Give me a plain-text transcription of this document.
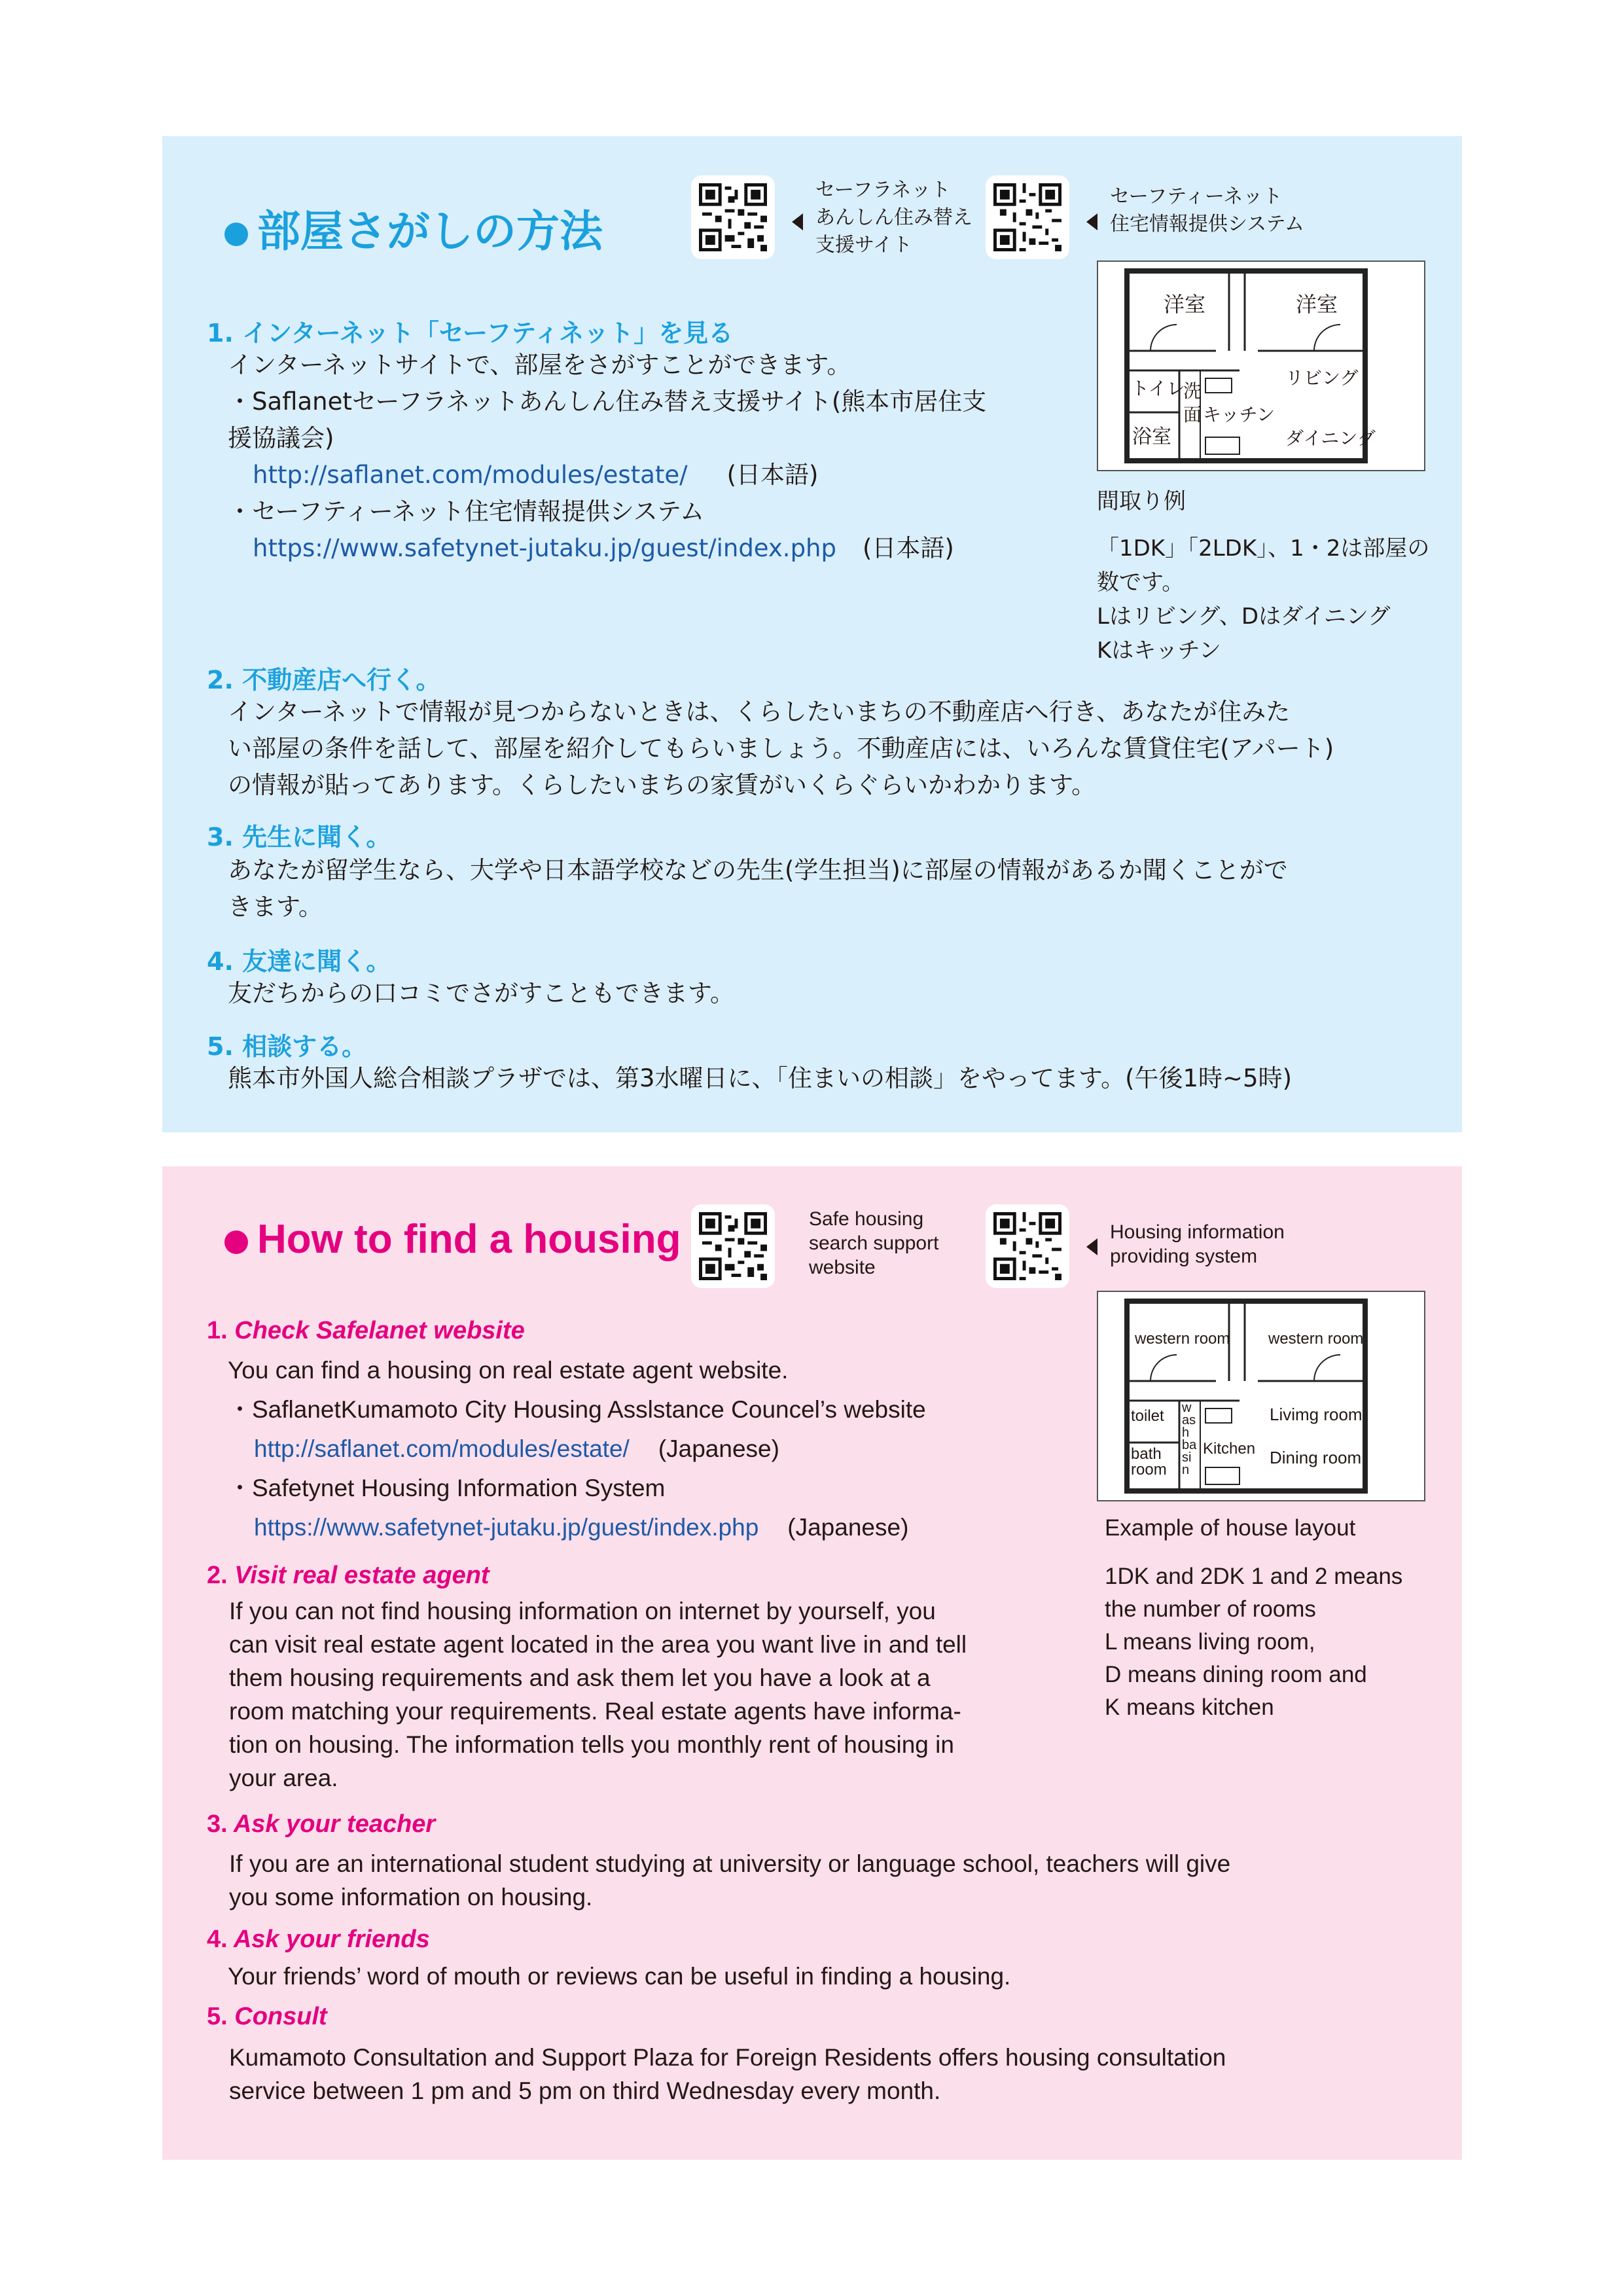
部屋さがしの方法
セーフラネット
あんしん住み替え
支援サイト
セーフティーネット
住宅情報提供システム
洋室	洋室
トイレ
洗
面
浴室
キッチン
リビング
ダイニング
間取り例
「1DK」「2LDK」、1・2は部屋の
数です。
Lはリビング、Dはダイニング
Kはキッチン
1. インターネット「セーフティネット」を見る
インターネットサイトで、部屋をさがすことができます。
・Saflanetセーフラネットあんしん住み替え支援サイト(熊本市居住支
援協議会)
http://saflanet.com/modules/estate/ (日本語)
・セーフティーネット住宅情報提供システム
https://www.safetynet-jutaku.jp/guest/index.php (日本語)
2. 不動産店へ行く。
インターネットで情報が見つからないときは、くらしたいまちの不動産店へ行き、あなたが住みた
い部屋の条件を話して、部屋を紹介してもらいましょう。不動産店には、いろんな賃貸住宅(アパート)
の情報が貼ってあります。くらしたいまちの家賃がいくらぐらいかわかります。
3. 先生に聞く。
あなたが留学生なら、大学や日本語学校などの先生(学生担当)に部屋の情報があるか聞くことがで
きます。
4. 友達に聞く。
友だちからの口コミでさがすこともできます。
5. 相談する。
熊本市外国人総合相談プラザでは、第3水曜日に、「住まいの相談」をやってます。(午後1時~5時)
How to find a housing	Safe housing
search support
website
Housing information
providing system
western room western room
toilet wash basin
bath
room
Kitchen
Livimg room
Dining room
Example of house layout
1DK and 2DK 1 and 2 means
the number of rooms
L means living room,
D means dining room and
K means kitchen
1. Check Safelanet website
You can find a housing on real estate agent website.
・SaflanetKumamoto City Housing Asslstance Councel’s website
http://saflanet.com/modules/estate/ (Japanese)
・Safetynet Housing Information System
https://www.safetynet-jutaku.jp/guest/index.php (Japanese)
2. Visit real estate agent
If you can not find housing information on internet by yourself, you
can visit real estate agent located in the area you want live in and tell
them housing requirements and ask them let you have a look at a
room matching your requirements. Real estate agents have informa-
tion on housing. The information tells you monthly rent of housing in
your area.
3. Ask your teacher
If you are an international student studying at university or language school, teachers will give
you some information on housing.
4. Ask your friends
Your friends’ word of mouth or reviews can be useful in finding a housing.
5. Consult
Kumamoto Consultation and Support Plaza for Foreign Residents offers housing consultation
service between 1 pm and 5 pm on third Wednesday every month.
